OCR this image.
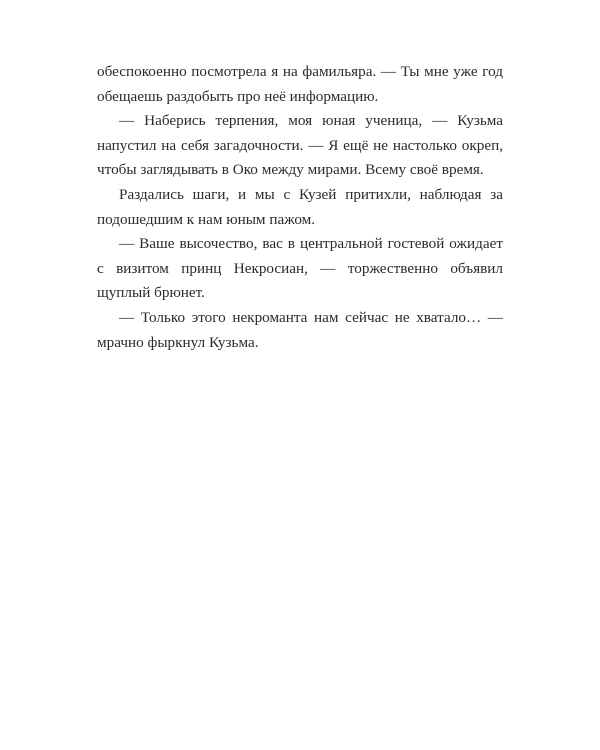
обеспокоенно посмотрела я на фамильяра. — Ты мне уже год обещаешь раздобыть про неё информацию.

— Наберись терпения, моя юная ученица, — Кузьма напустил на себя загадочности. — Я ещё не настолько окреп, чтобы заглядывать в Око между мирами. Всему своё время.

Раздались шаги, и мы с Кузей притихли, наблюдая за подошедшим к нам юным пажом.

— Ваше высочество, вас в центральной гостевой ожидает с визитом принц Некросиан, — торжественно объявил щуплый брюнет.

— Только этого некроманта нам сейчас не хватало… — мрачно фыркнул Кузьма.
